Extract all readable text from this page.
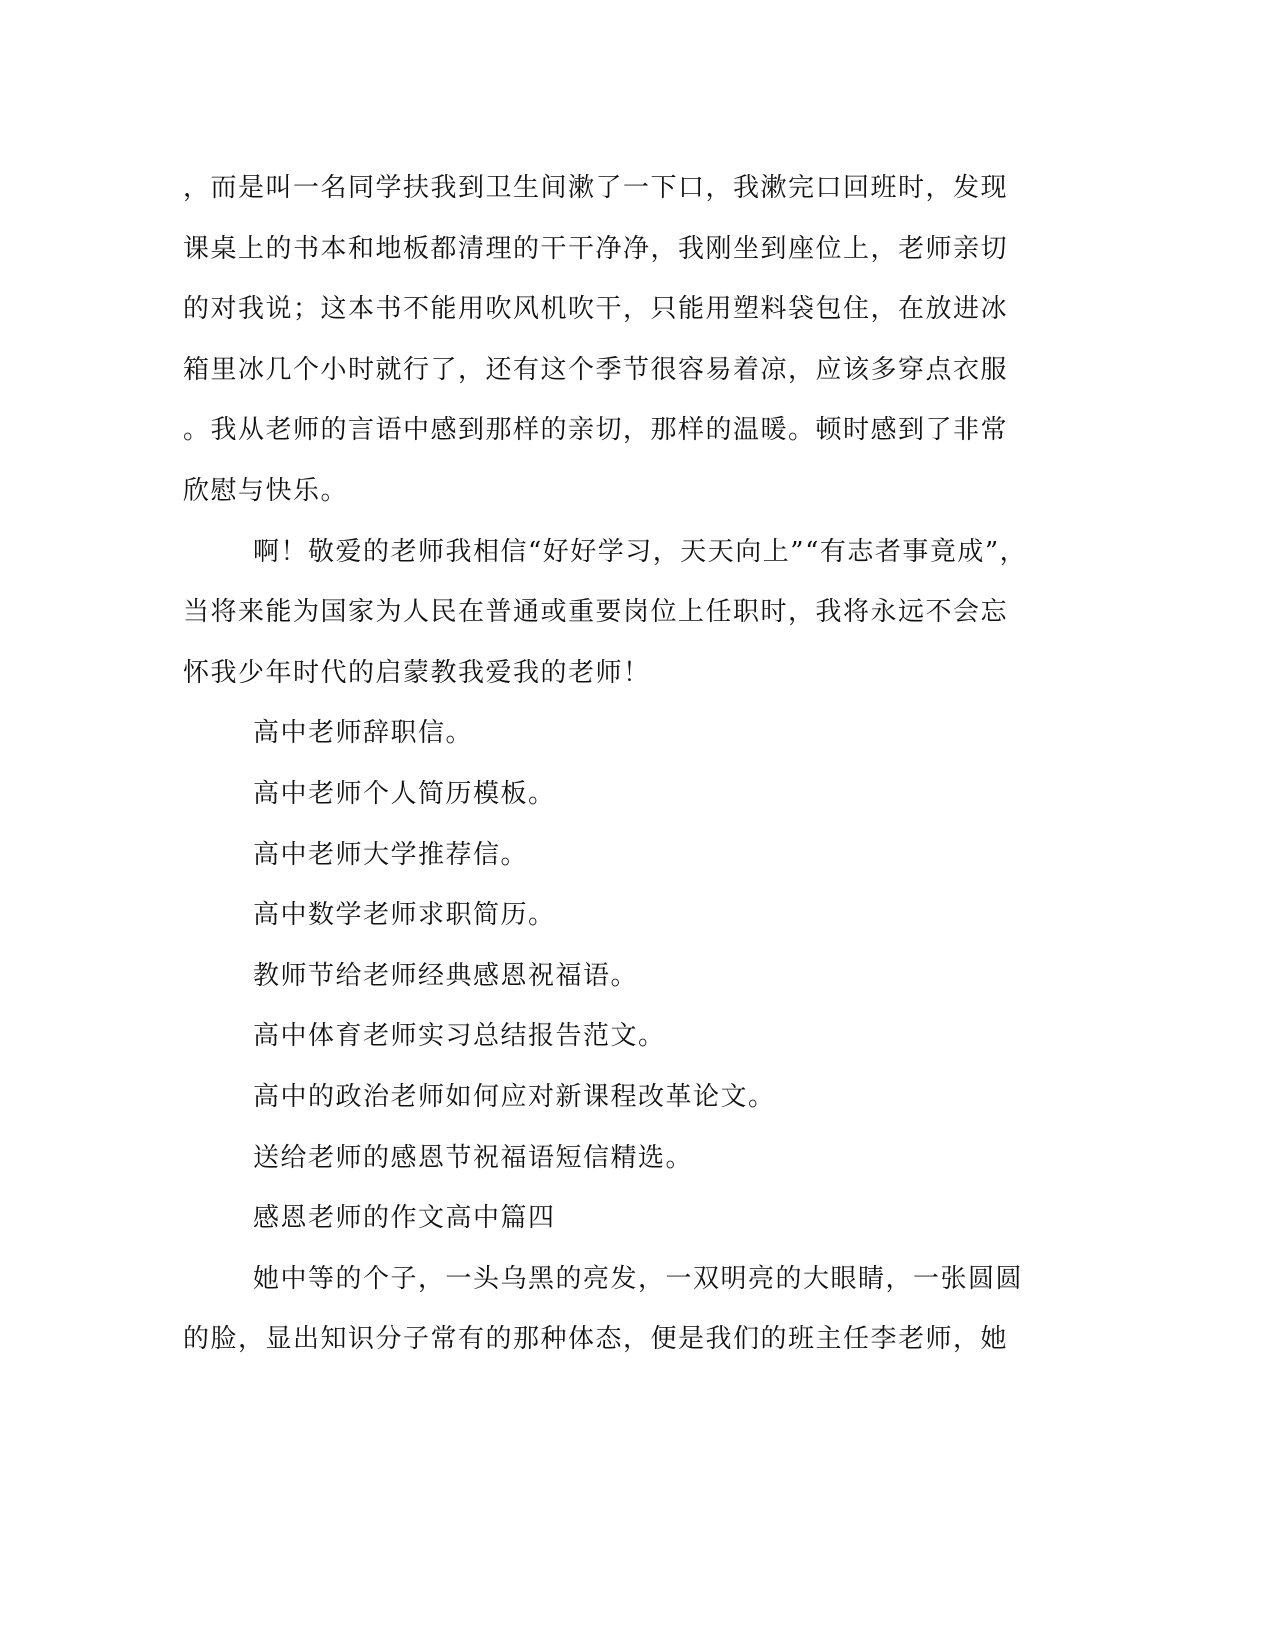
，而是叫一名同学扶我到卫生间漱了一下口，我漱完口回班时，发现
课桌上的书本和地板都清理的干干净净，我刚坐到座位上，老师亲切
的对我说；这本书不能用吹风机吹干，只能用塑料袋包住，在放进冰
箱里冰几个小时就行了，还有这个季节很容易着凉，应该多穿点衣服
。我从老师的言语中感到那样的亲切，那样的温暖。顿时感到了非常
欣慰与快乐。
啊！敬爱的老师我相信“好好学习，天天向上”“有志者事竟成”，
当将来能为国家为人民在普通或重要岗位上任职时，我将永远不会忘
怀我少年时代的启蒙教我爱我的老师！
高中老师辞职信。
高中老师个人简历模板。
高中老师大学推荐信。
高中数学老师求职简历。
教师节给老师经典感恩祝福语。
高中体育老师实习总结报告范文。
高中的政治老师如何应对新课程改革论文。
送给老师的感恩节祝福语短信精选。
感恩老师的作文高中篇四
她中等的个子，一头乌黑的亮发，一双明亮的大眼睛，一张圆圆
的脸，显出知识分子常有的那种体态，便是我们的班主任李老师，她
